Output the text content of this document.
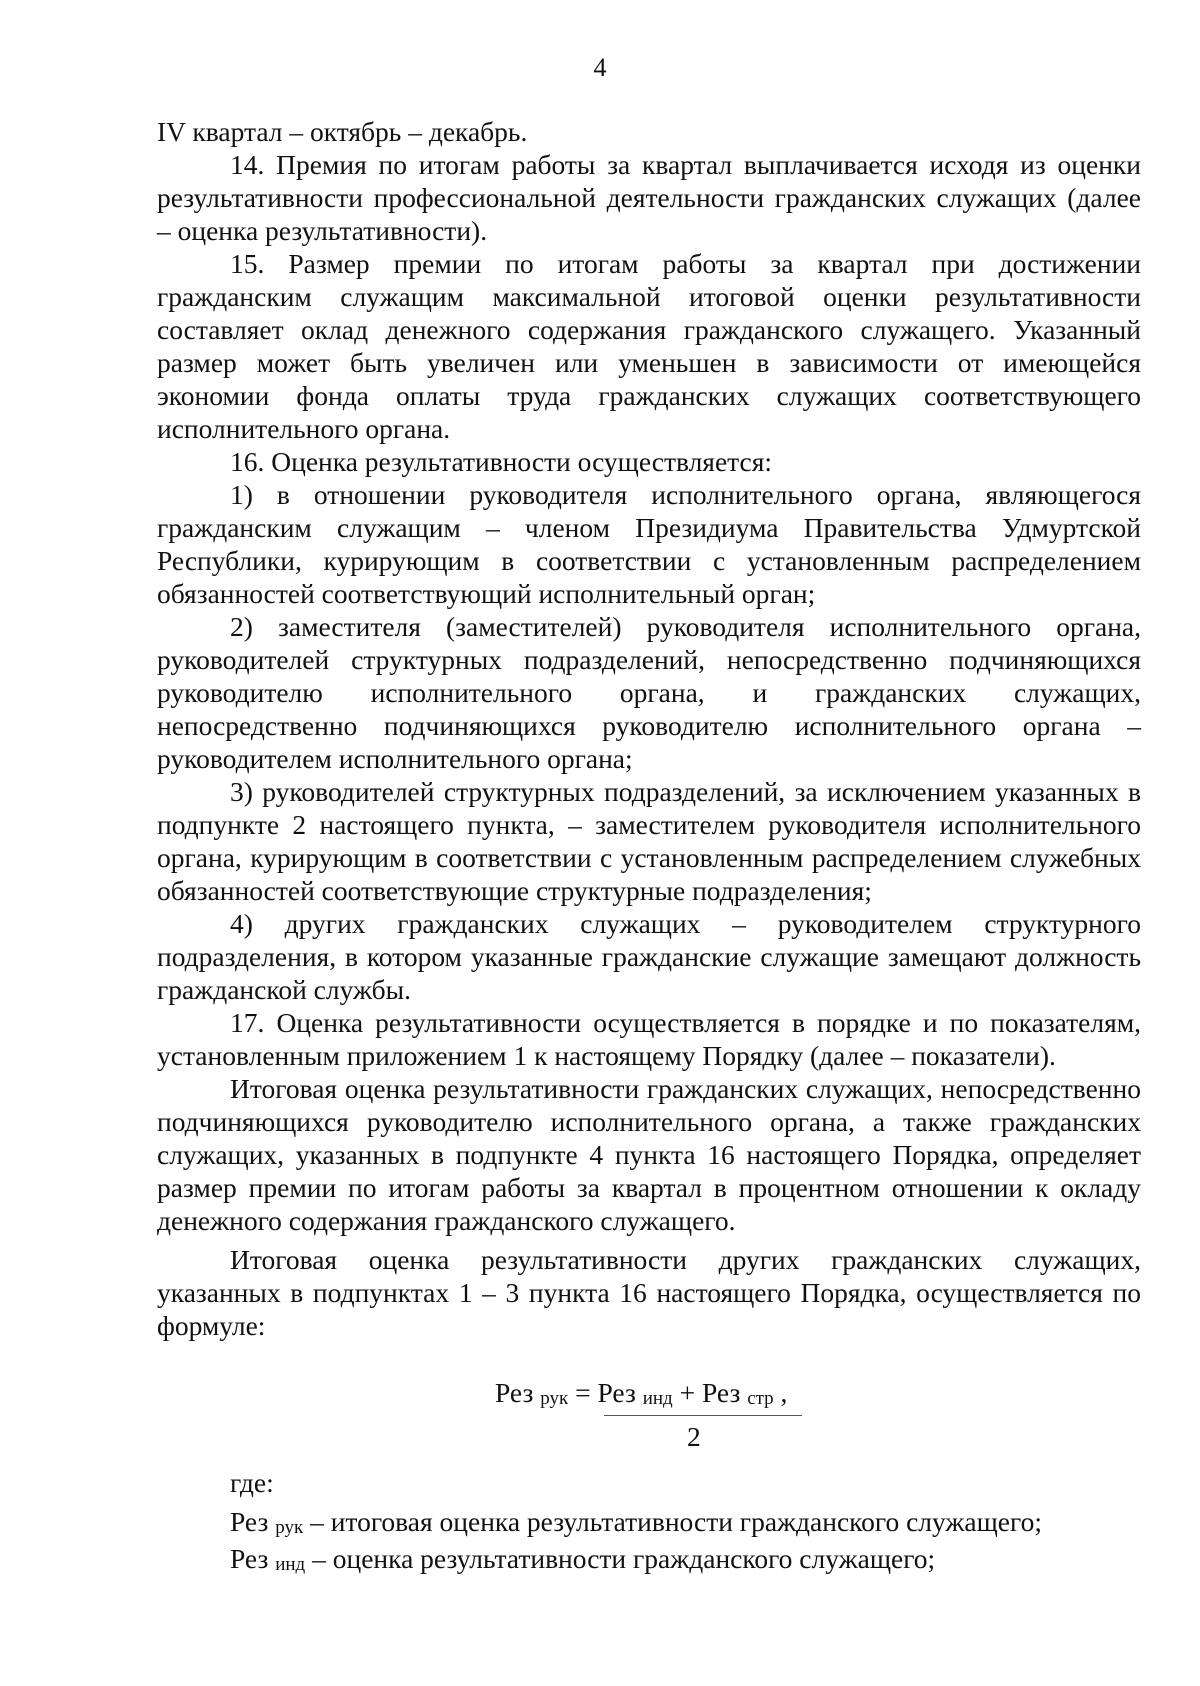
4

IV квартал – октябрь – декабрь.

14. Премия по итогам работы за квартал выплачивается исходя из оценки результативности профессиональной деятельности гражданских служащих (далее – оценка результативности).

15. Размер премии по итогам работы за квартал при достижении гражданским служащим максимальной итоговой оценки результативности составляет оклад денежного содержания гражданского служащего. Указанный размер может быть увеличен или уменьшен в зависимости от имеющейся экономии фонда оплаты труда гражданских служащих соответствующего исполнительного органа.

16. Оценка результативности осуществляется:

1) в отношении руководителя исполнительного органа, являющегося гражданским служащим – членом Президиума Правительства Удмуртской Республики, курирующим в соответствии с установленным распределением обязанностей соответствующий исполнительный орган;

2) заместителя (заместителей) руководителя исполнительного органа, руководителей структурных подразделений, непосредственно подчиняющихся руководителю исполнительного органа, и гражданских служащих, непосредственно подчиняющихся руководителю исполнительного органа – руководителем исполнительного органа;

3) руководителей структурных подразделений, за исключением указанных в подпункте 2 настоящего пункта, – заместителем руководителя исполнительного органа, курирующим в соответствии с установленным распределением служебных обязанностей соответствующие структурные подразделения;

4) других гражданских служащих – руководителем структурного подразделения, в котором указанные гражданские служащие замещают должность гражданской службы.

17. Оценка результативности осуществляется в порядке и по показателям, установленным приложением 1 к настоящему Порядку (далее – показатели).

Итоговая оценка результативности гражданских служащих, непосредственно подчиняющихся руководителю исполнительного органа, а также гражданских служащих, указанных в подпункте 4 пункта 16 настоящего Порядка, определяет размер премии по итогам работы за квартал в процентном отношении к окладу денежного содержания гражданского служащего.

Итоговая оценка результативности других гражданских служащих, указанных в подпунктах 1 – 3 пункта 16 настоящего Порядка, осуществляется по формуле:

Рез $_{рук}$ = Рез $_{инд}$ + Рез $_{стр}$ ,
2

где:

Рез $_{рук}$ – итоговая оценка результативности гражданского служащего;

Рез $_{инд}$ – оценка результативности гражданского служащего;
